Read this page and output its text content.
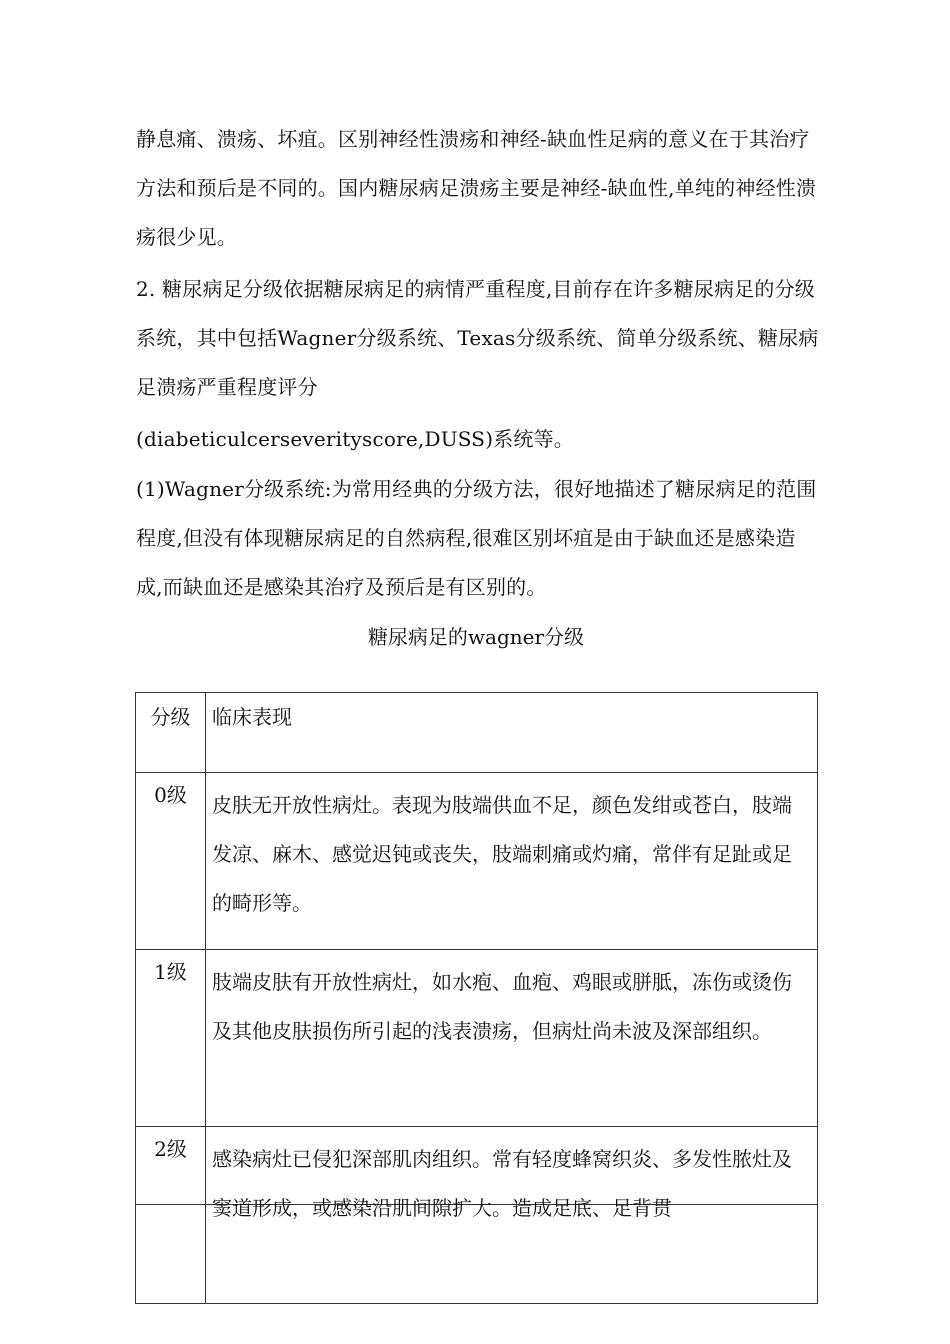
静息痛、溃疡、坏疽。区别神经性溃疡和神经-缺血性足病的意义在于其治疗方法和预后是不同的。国内糖尿病足溃疡主要是神经-缺血性,单纯的神经性溃疡很少见。

2. 糖尿病足分级依据糖尿病足的病情严重程度,目前存在许多糖尿病足的分级系统，其中包括Wagner分级系统、Texas分级系统、简单分级系统、糖尿病足溃疡严重程度评分

(diabeticulcerseverityscore,DUSS)系统等。

(1)Wagner分级系统:为常用经典的分级方法，很好地描述了糖尿病足的范围程度,但没有体现糖尿病足的自然病程,很难区别坏疽是由于缺血还是感染造成,而缺血还是感染其治疗及预后是有区别的。

糖尿病足的wagner分级

分级	临床表现
0级	皮肤无开放性病灶。表现为肢端供血不足，颜色发绀或苍白，肢端发凉、麻木、感觉迟钝或丧失，肢端刺痛或灼痛，常伴有足趾或足的畸形等。
1级	肢端皮肤有开放性病灶，如水疱、血疱、鸡眼或胼胝，冻伤或烫伤及其他皮肤损伤所引起的浅表溃疡，但病灶尚未波及深部组织。
2级	感染病灶已侵犯深部肌肉组织。常有轻度蜂窝织炎、多发性脓灶及窦道形成，或感染沿肌间隙扩大。造成足底、足背贯
